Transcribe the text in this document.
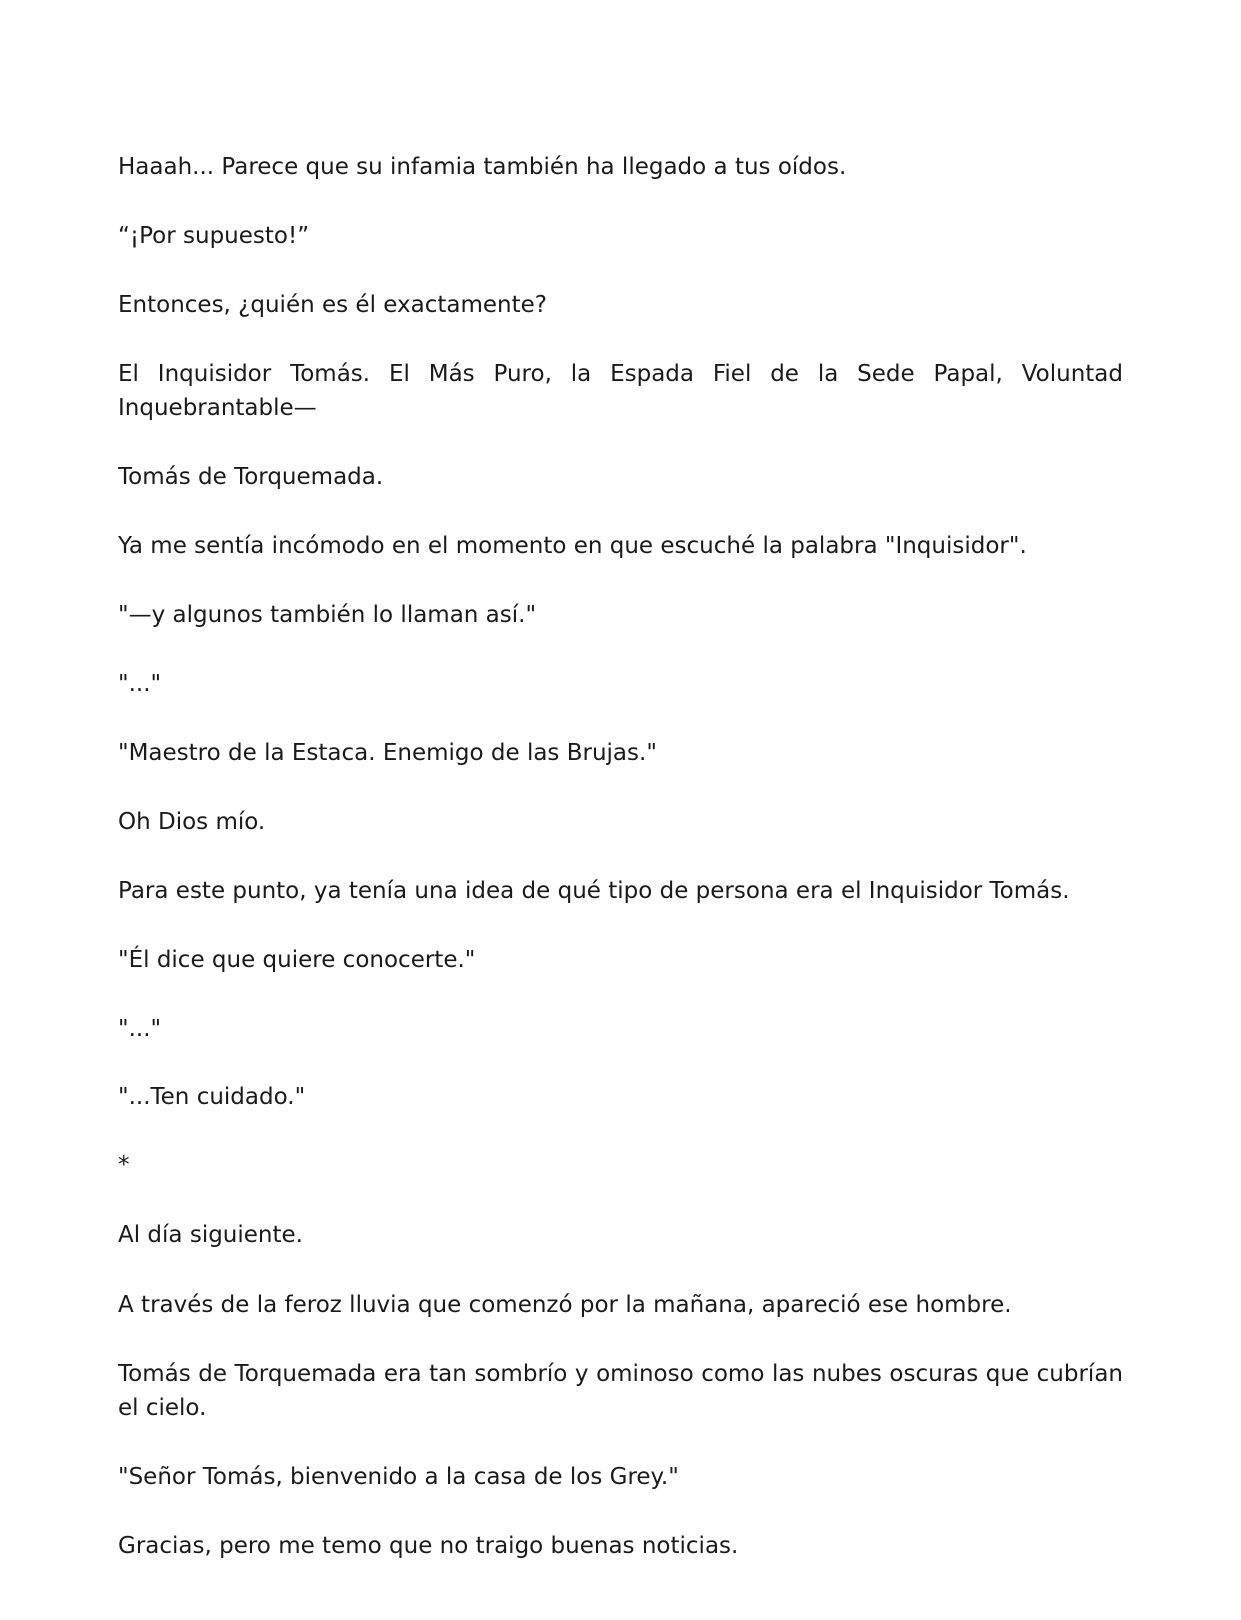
Haaah... Parece que su infamia también ha llegado a tus oídos.

“¡Por supuesto!”

Entonces, ¿quién es él exactamente?

El Inquisidor Tomás. El Más Puro, la Espada Fiel de la Sede Papal, Voluntad Inquebrantable—

Tomás de Torquemada.

Ya me sentía incómodo en el momento en que escuché la palabra "Inquisidor".

"—y algunos también lo llaman así."

"..."

"Maestro de la Estaca. Enemigo de las Brujas."

Oh Dios mío.

Para este punto, ya tenía una idea de qué tipo de persona era el Inquisidor Tomás.

"Él dice que quiere conocerte."

"..."

"...Ten cuidado."

*

Al día siguiente.

A través de la feroz lluvia que comenzó por la mañana, apareció ese hombre.

Tomás de Torquemada era tan sombrío y ominoso como las nubes oscuras que cubrían el cielo.

"Señor Tomás, bienvenido a la casa de los Grey."

Gracias, pero me temo que no traigo buenas noticias.
